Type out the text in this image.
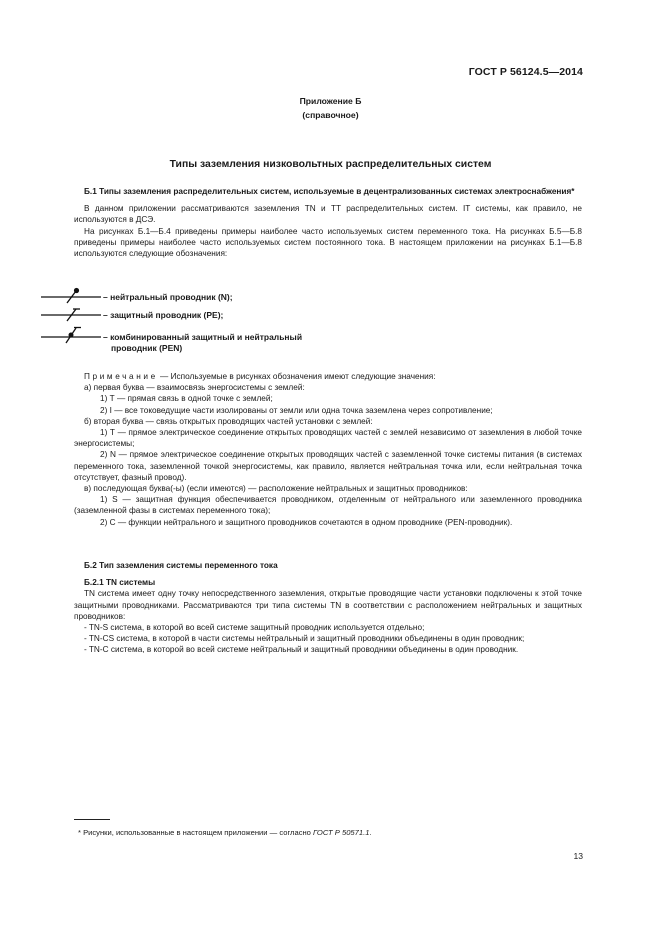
ГОСТ Р 56124.5—2014
Приложение Б
(справочное)
Типы заземления низковольтных распределительных систем

Б.1 Типы заземления распределительных систем, используемые в децентрализованных системах электроснабжения*

В данном приложении рассматриваются заземления TN и TT распределительных систем. IT системы, как правило, не используются в ДСЭ.

На рисунках Б.1—Б.4 приведены примеры наиболее часто используемых систем переменного тока. На рисунках Б.5—Б.8 приведены примеры наиболее часто используемых систем постоянного тока. В настоящем приложении на рисунках Б.1—Б.8 используются следующие обозначения:

– нейтральный проводник (N);
– защитный проводник (PE);
– комбинированный защитный и нейтральный
проводник (PEN)

Примечание — Используемые в рисунках обозначения имеют следующие значения:

а) первая буква — взаимосвязь энергосистемы с землей:

1) Т — прямая связь в одной точке с землей;

2) I — все токоведущие части изолированы от земли или одна точка заземлена через сопротивление;

б) вторая буква — связь открытых проводящих частей установки с землей:

1) Т — прямое электрическое соединение открытых проводящих частей с землей независимо от заземления в любой точке энергосистемы;

2) N — прямое электрическое соединение открытых проводящих частей с заземленной точке системы питания (в системах переменного тока, заземленной точкой энергосистемы, как правило, является нейтральная точка или, если нейтральная точка отсутствует, фазный провод).

в) последующая буква(-ы) (если имеются) — расположение нейтральных и защитных проводников:

1) S — защитная функция обеспечивается проводником, отделенным от нейтрального или заземленного проводника (заземленной фазы в системах переменного тока);

2) С — функции нейтрального и защитного проводников сочетаются в одном проводнике (PEN-проводник).

Б.2 Тип заземления системы переменного тока

Б.2.1 TN системы

TN система имеет одну точку непосредственного заземления, открытые проводящие части установки подключены к этой точке защитными проводниками. Рассматриваются три типа системы TN в соответствии с расположением нейтральных и защитных проводников:

- TN-S система, в которой во всей системе защитный проводник используется отдельно;

- TN-CS система, в которой в части системы нейтральный и защитный проводники объединены в один проводник;

- TN-C система, в которой во всей системе нейтральный и защитный проводники объединены в один проводник.

* Рисунки, использованные в настоящем приложении — согласно ГОСТ Р 50571.1.
13
